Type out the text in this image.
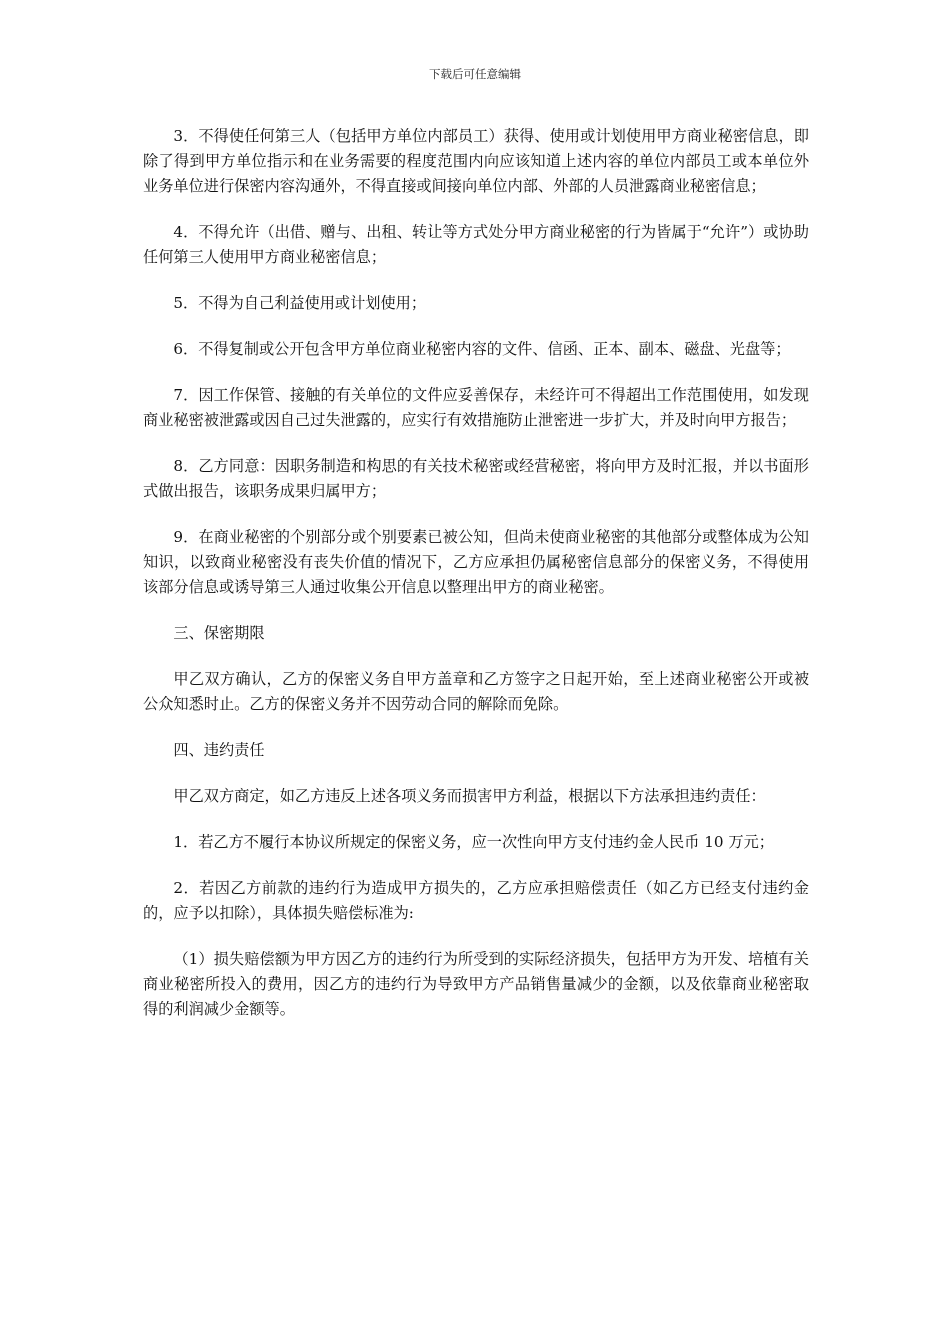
下载后可任意编辑

3．不得使任何第三人（包括甲方单位内部员工）获得、使用或计划使用甲方商业秘密信息，即除了得到甲方单位指示和在业务需要的程度范围内向应该知道上述内容的单位内部员工或本单位外业务单位进行保密内容沟通外，不得直接或间接向单位内部、外部的人员泄露商业秘密信息；

4．不得允许（出借、赠与、出租、转让等方式处分甲方商业秘密的行为皆属于“允许”）或协助任何第三人使用甲方商业秘密信息；

5．不得为自己利益使用或计划使用；

6．不得复制或公开包含甲方单位商业秘密内容的文件、信函、正本、副本、磁盘、光盘等；

7．因工作保管、接触的有关单位的文件应妥善保存，未经许可不得超出工作范围使用，如发现商业秘密被泄露或因自己过失泄露的，应实行有效措施防止泄密进一步扩大，并及时向甲方报告；

8．乙方同意：因职务制造和构思的有关技术秘密或经营秘密，将向甲方及时汇报，并以书面形式做出报告，该职务成果归属甲方；

9．在商业秘密的个别部分或个别要素已被公知，但尚未使商业秘密的其他部分或整体成为公知知识，以致商业秘密没有丧失价值的情况下，乙方应承担仍属秘密信息部分的保密义务，不得使用该部分信息或诱导第三人通过收集公开信息以整理出甲方的商业秘密。

三、保密期限

甲乙双方确认，乙方的保密义务自甲方盖章和乙方签字之日起开始，至上述商业秘密公开或被公众知悉时止。乙方的保密义务并不因劳动合同的解除而免除。

四、违约责任

甲乙双方商定，如乙方违反上述各项义务而损害甲方利益，根据以下方法承担违约责任：

1．若乙方不履行本协议所规定的保密义务，应一次性向甲方支付违约金人民币 10 万元；

2．若因乙方前款的违约行为造成甲方损失的，乙方应承担赔偿责任（如乙方已经支付违约金的，应予以扣除），具体损失赔偿标准为:

（1）损失赔偿额为甲方因乙方的违约行为所受到的实际经济损失，包括甲方为开发、培植有关商业秘密所投入的费用，因乙方的违约行为导致甲方产品销售量减少的金额，以及依靠商业秘密取得的利润减少金额等。
